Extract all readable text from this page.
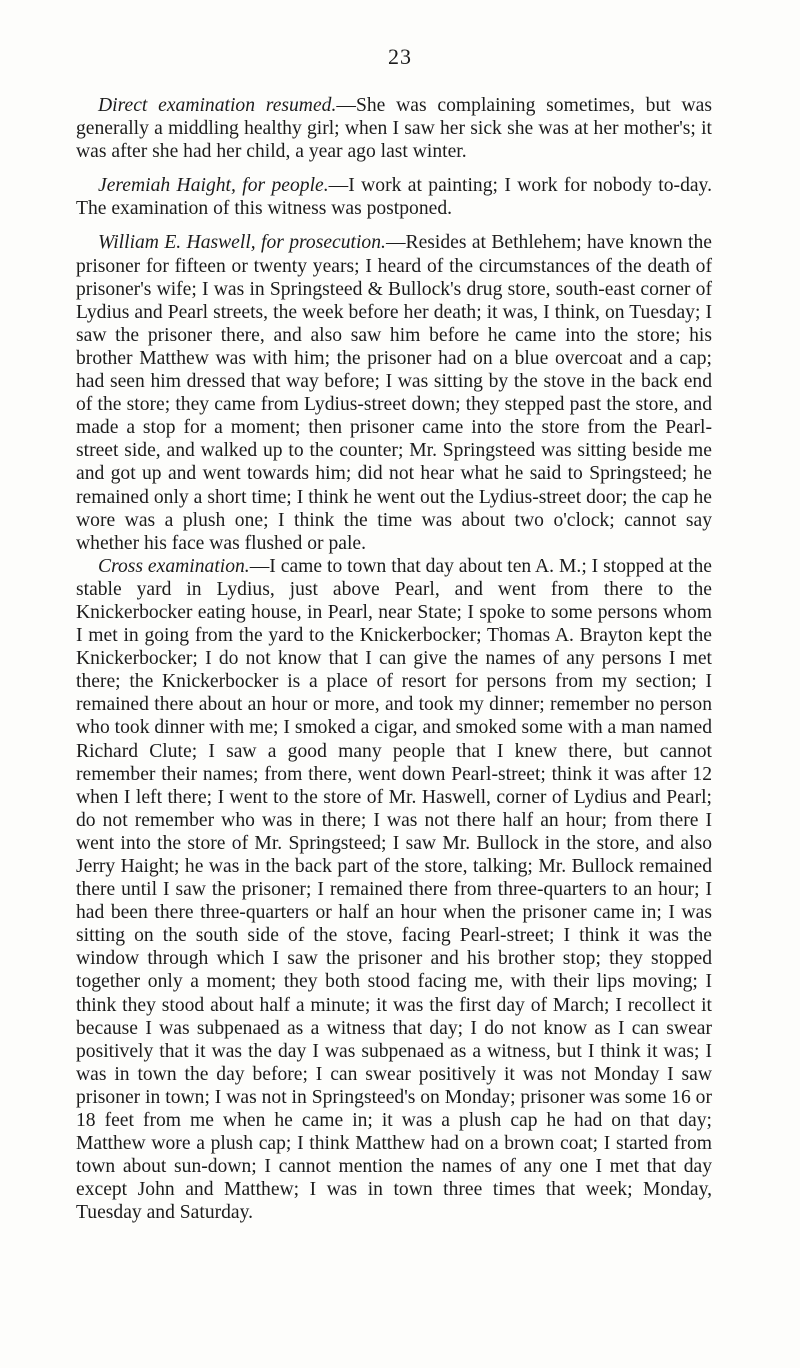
23

Direct examination resumed.—She was complaining sometimes, but was generally a middling healthy girl; when I saw her sick she was at her mother's; it was after she had her child, a year ago last winter.

Jeremiah Haight, for people.—I work at painting; I work for nobody to-day. The examination of this witness was postponed.

William E. Haswell, for prosecution.—Resides at Bethlehem; have known the prisoner for fifteen or twenty years; I heard of the circumstances of the death of prisoner's wife; I was in Springsteed & Bullock's drug store, south-east corner of Lydius and Pearl streets, the week before her death; it was, I think, on Tuesday; I saw the prisoner there, and also saw him before he came into the store; his brother Matthew was with him; the prisoner had on a blue overcoat and a cap; had seen him dressed that way before; I was sitting by the stove in the back end of the store; they came from Lydius-street down; they stepped past the store, and made a stop for a moment; then prisoner came into the store from the Pearl-street side, and walked up to the counter; Mr. Springsteed was sitting beside me and got up and went towards him; did not hear what he said to Springsteed; he remained only a short time; I think he went out the Lydius-street door; the cap he wore was a plush one; I think the time was about two o'clock; cannot say whether his face was flushed or pale.

Cross examination.—I came to town that day about ten A. M.; I stopped at the stable yard in Lydius, just above Pearl, and went from there to the Knickerbocker eating house, in Pearl, near State; I spoke to some persons whom I met in going from the yard to the Knickerbocker; Thomas A. Brayton kept the Knickerbocker; I do not know that I can give the names of any persons I met there; the Knickerbocker is a place of resort for persons from my section; I remained there about an hour or more, and took my dinner; remember no person who took dinner with me; I smoked a cigar, and smoked some with a man named Richard Clute; I saw a good many people that I knew there, but cannot remember their names; from there, went down Pearl-street; think it was after 12 when I left there; I went to the store of Mr. Haswell, corner of Lydius and Pearl; do not remember who was in there; I was not there half an hour; from there I went into the store of Mr. Springsteed; I saw Mr. Bullock in the store, and also Jerry Haight; he was in the back part of the store, talking; Mr. Bullock remained there until I saw the prisoner; I remained there from three-quarters to an hour; I had been there three-quarters or half an hour when the prisoner came in; I was sitting on the south side of the stove, facing Pearl-street; I think it was the window through which I saw the prisoner and his brother stop; they stopped together only a moment; they both stood facing me, with their lips moving; I think they stood about half a minute; it was the first day of March; I recollect it because I was subpenaed as a witness that day; I do not know as I can swear positively that it was the day I was subpenaed as a witness, but I think it was; I was in town the day before; I can swear positively it was not Monday I saw prisoner in town; I was not in Springsteed's on Monday; prisoner was some 16 or 18 feet from me when he came in; it was a plush cap he had on that day; Matthew wore a plush cap; I think Matthew had on a brown coat; I started from town about sun-down; I cannot mention the names of any one I met that day except John and Matthew; I was in town three times that week; Monday, Tuesday and Saturday.
